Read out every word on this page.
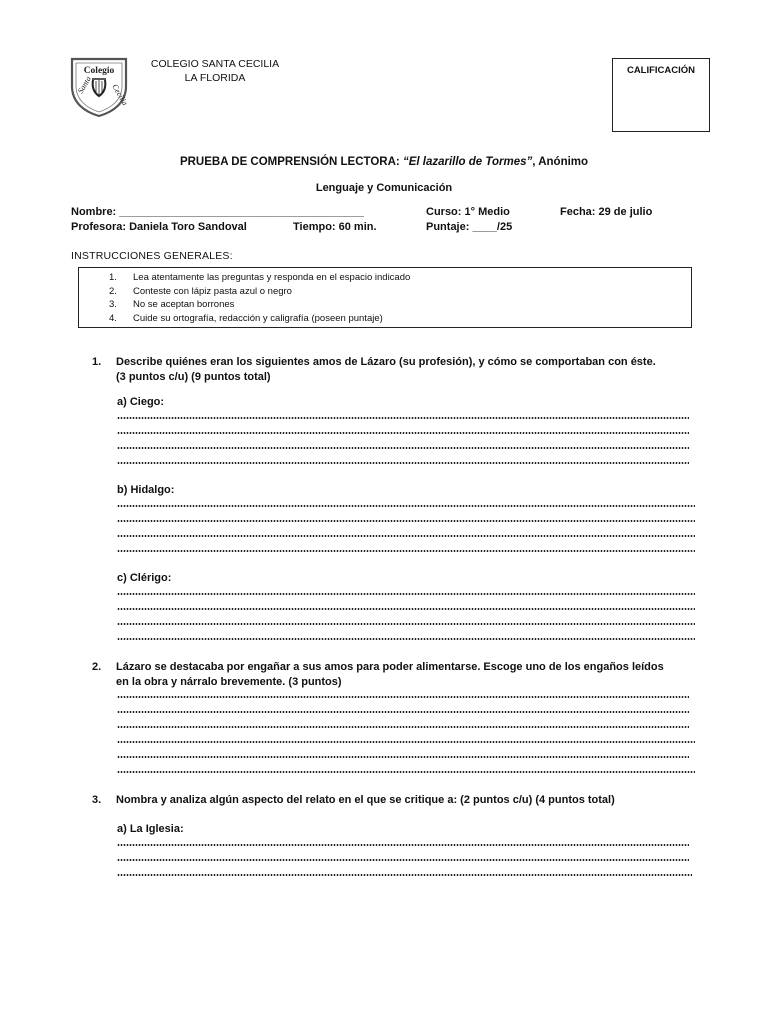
Colegio
Santa Cecilia
COLEGIO SANTA CECILIA
LA FLORIDA
CALIFICACIÓN
PRUEBA DE COMPRENSIÓN LECTORA: “El lazarillo de Tormes”, Anónimo
Lenguaje y Comunicación
Nombre: ________________________________________	Curso: 1° Medio	Fecha: 29 de julio
Profesora: Daniela Toro Sandoval	Tiempo: 60 min.	Puntaje: ____/25
INSTRUCCIONES GENERALES:
1.	Lea atentamente las preguntas y responda en el espacio indicado
2.	Conteste con lápiz pasta azul o negro
3.	No se aceptan borrones
4.	Cuide su ortografía, redacción y caligrafía (poseen puntaje)
1. Describe quiénes eran los siguientes amos de Lázaro (su profesión), y cómo se comportaban con éste.
(3 puntos c/u) (9 puntos total)
a) Ciego:
b) Hidalgo:
c) Clérigo:
2. Lázaro se destacaba por engañar a sus amos para poder alimentarse. Escoge uno de los engaños leídos
en la obra y nárralo brevemente. (3 puntos)
3. Nombra y analiza algún aspecto del relato en el que se critique a: (2 puntos c/u) (4 puntos total)
a) La Iglesia:
